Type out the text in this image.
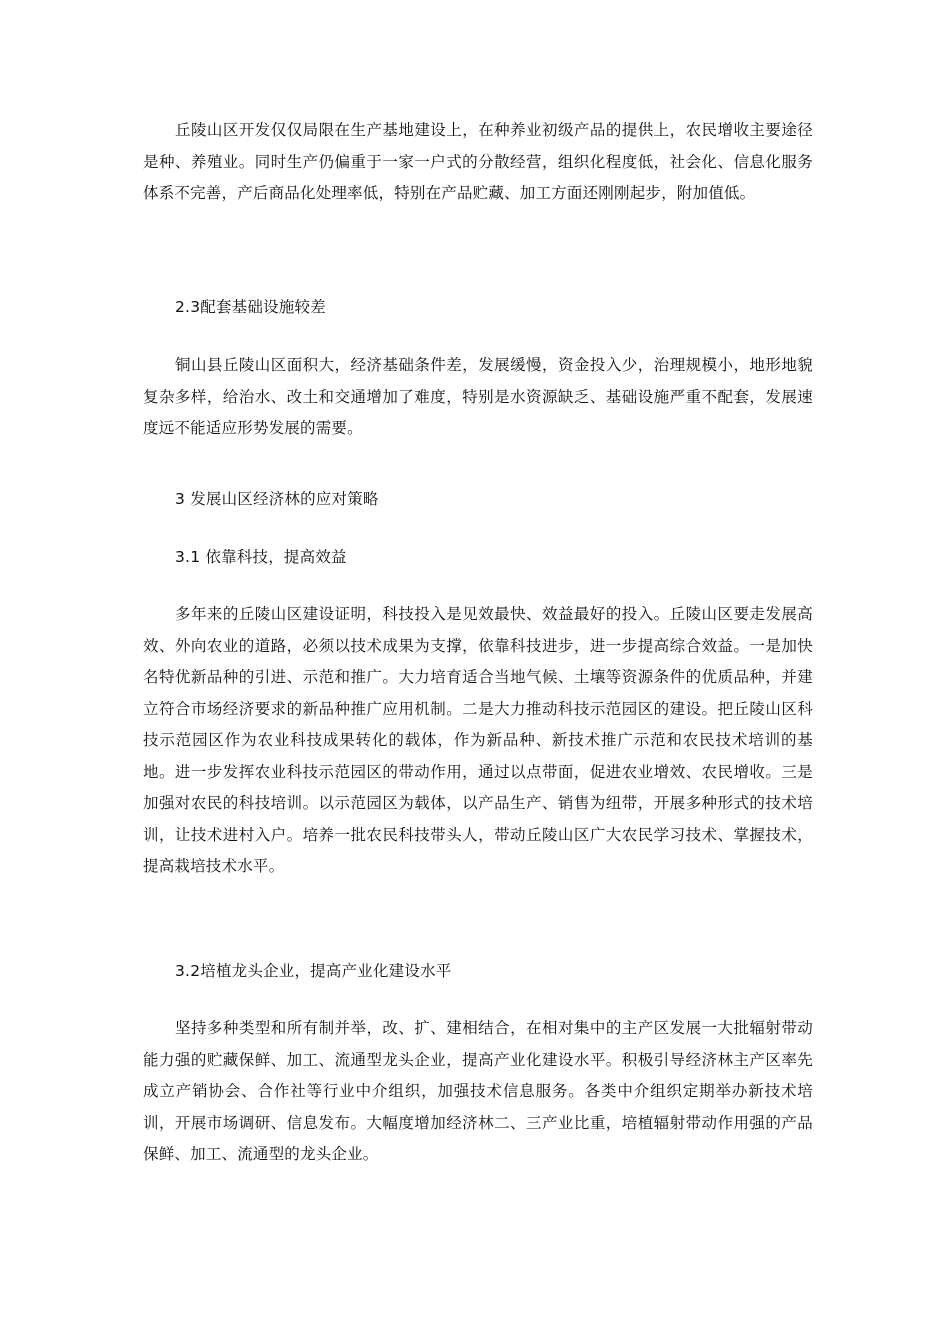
丘陵山区开发仅仅局限在生产基地建设上，在种养业初级产品的提供上，农民增收主要途径是种、养殖业。同时生产仍偏重于一家一户式的分散经营，组织化程度低，社会化、信息化服务体系不完善，产后商品化处理率低，特别在产品贮藏、加工方面还刚刚起步，附加值低。

2.3配套基础设施较差

铜山县丘陵山区面积大，经济基础条件差，发展缓慢，资金投入少，治理规模小，地形地貌复杂多样，给治水、改土和交通增加了难度，特别是水资源缺乏、基础设施严重不配套，发展速度远不能适应形势发展的需要。

3 发展山区经济林的应对策略

3.1 依靠科技，提高效益

多年来的丘陵山区建设证明，科技投入是见效最快、效益最好的投入。丘陵山区要走发展高效、外向农业的道路，必须以技术成果为支撑，依靠科技进步，进一步提高综合效益。一是加快名特优新品种的引进、示范和推广。大力培育适合当地气候、土壤等资源条件的优质品种，并建立符合市场经济要求的新品种推广应用机制。二是大力推动科技示范园区的建设。把丘陵山区科技示范园区作为农业科技成果转化的载体，作为新品种、新技术推广示范和农民技术培训的基地。进一步发挥农业科技示范园区的带动作用，通过以点带面，促进农业增效、农民增收。三是加强对农民的科技培训。以示范园区为载体，以产品生产、销售为纽带，开展多种形式的技术培训，让技术进村入户。培养一批农民科技带头人，带动丘陵山区广大农民学习技术、掌握技术，提高栽培技术水平。

3.2培植龙头企业，提高产业化建设水平

坚持多种类型和所有制并举，改、扩、建相结合，在相对集中的主产区发展一大批辐射带动能力强的贮藏保鲜、加工、流通型龙头企业，提高产业化建设水平。积极引导经济林主产区率先成立产销协会、合作社等行业中介组织，加强技术信息服务。各类中介组织定期举办新技术培训，开展市场调研、信息发布。大幅度增加经济林二、三产业比重，培植辐射带动作用强的产品保鲜、加工、流通型的龙头企业。
